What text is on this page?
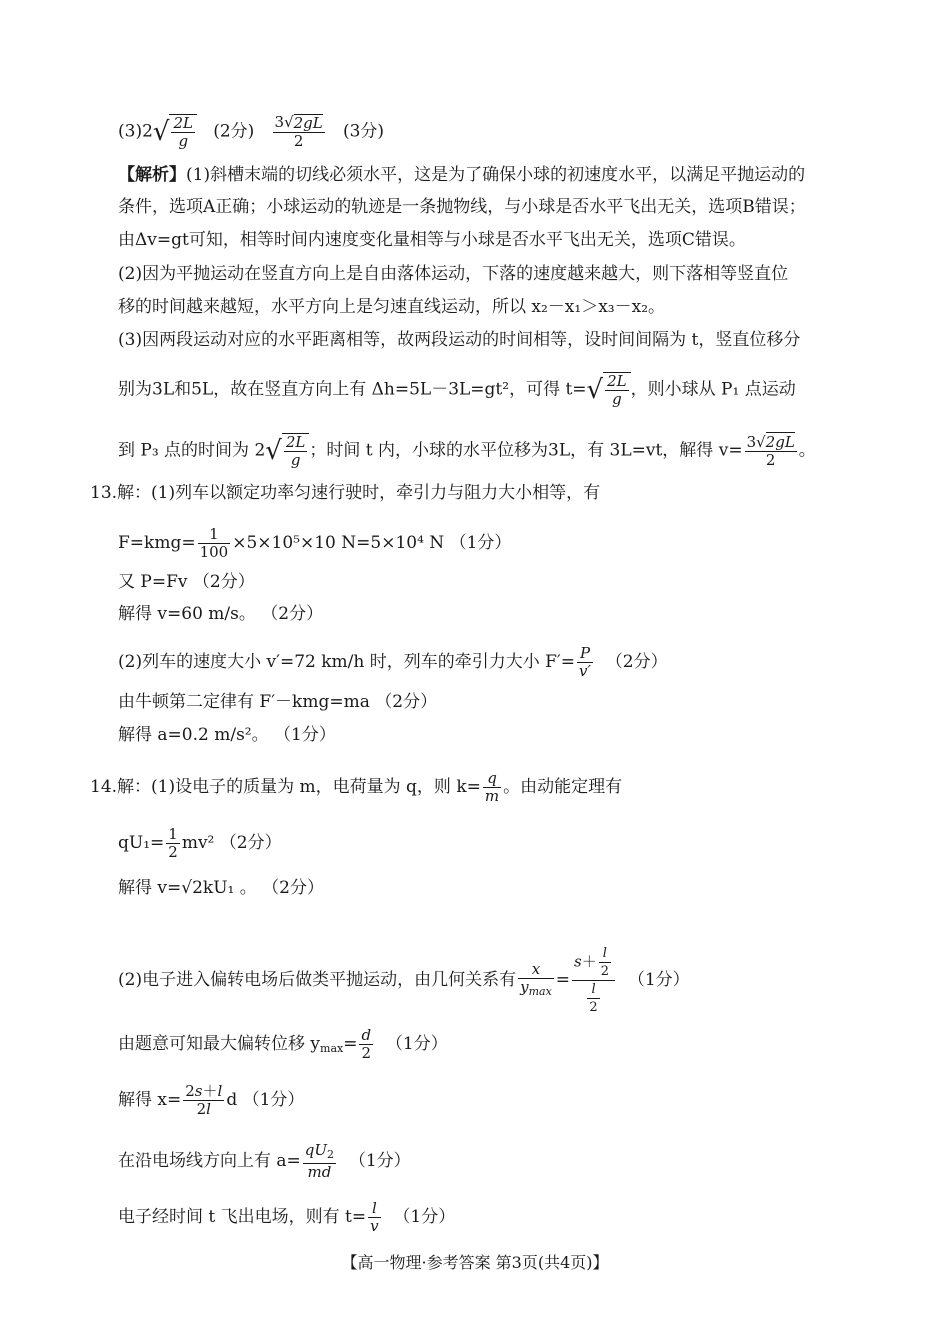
$(3)2√ \frac{2L}{g} (2$分) $\frac{3√2gL}{2} (3$分)
【解析】(1)斜槽末端的切线必须水平，这是为了确保小球的初速度水平，以满足平抛运动的
条件，选项A正确；小球运动的轨迹是一条抛物线，与小球是否水平飞出无关，选项B错误；
由Δv=gt可知，相等时间内速度变化量相等与小球是否水平飞出无关，选项C错误。
(2)因为平抛运动在竖直方向上是自由落体运动，下落的速度越来越大，则下落相等竖直位
移的时间越来越短，水平方向上是匀速直线运动，所以 x₂－x₁＞x₃－x₂。
(3)因两段运动对应的水平距离相等，故两段运动的时间相等，设时间间隔为 t，竖直位移分
别为3L和5L，故在竖直方向上有 Δh=5L－3L=gt²，可得 $t=√ \frac{2L}{g}$ ，则小球从 P₁ 点运动
到 P₃ 点的时间为 $2√ \frac{2L}{g}$ ；时间 t 内，小球的水平位移为3L，有 3L=vt，解得 $v= \frac{3√2gL}{2}$ 。
13.解：(1)列车以额定功率匀速行驶时，牵引力与阻力大小相等，有
$F=kmg= \frac{1}{100} \times 5\times 10^5\times 10$ N=5×10⁴ N （1分）
又 P=Fv （2分）
解得 v=60 m/s。 （2分）
(2)列车的速度大小 v′=72 km/h 时，列车的牵引力大小 $F'= \frac{P}{v'} (2$分）
由牛顿第二定律有 F′－kmg=ma （2分）
解得 a=0.2 m/s²。 （1分）
14.解：(1)设电子的质量为 m，电荷量为 q，则 $k= \frac{q}{m}$ 。由动能定理有
$qU_1= \frac{1}{2} mv^2$ （2分）
解得 v=√2kU₁ 。 （2分）
(2)电子进入偏转电场后做类平抛运动，由几何关系有 $\frac{x}{y_{max}} = \frac{s+ \frac{l}{2}}{\frac{l}{2}} (1$分）
由题意可知最大偏转位移 $y_{max}= \frac{d}{2} (1$分）
解得 $x= \frac{2s+l}{2l}$ d （1分）
在沿电场线方向上有 $a= \frac{qU_2}{md} (1$分）
电子经时间 t 飞出电场，则有 $t= \frac{l}{v} (1$分）
【高一物理·参考答案 第3页(共4页)】
